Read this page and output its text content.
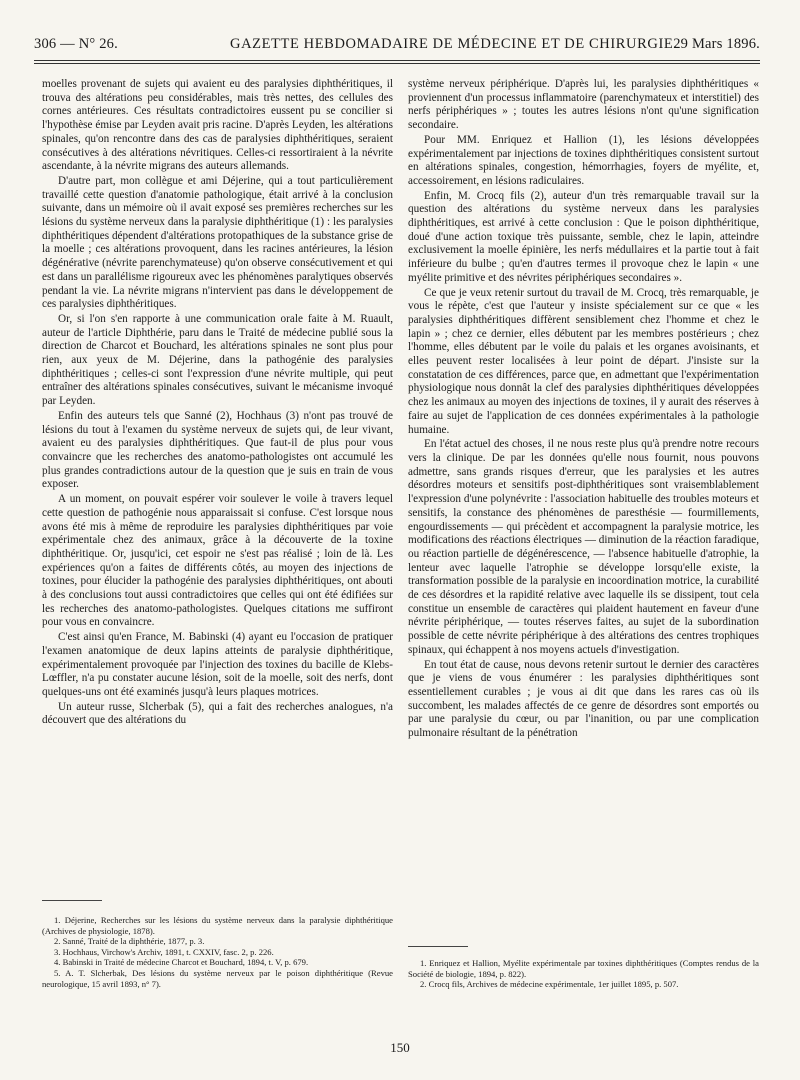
306 — N° 26.	GAZETTE HEBDOMADAIRE DE MÉDECINE ET DE CHIRURGIE.
29 Mars 1896.

moelles provenant de sujets qui avaient eu des paralysies diphthéritiques, il trouva des altérations peu considérables, mais très nettes, des cellules des cornes antérieures. Ces résultats contradictoires eussent pu se concilier si l'hypothèse émise par Leyden avait pris racine. D'après Leyden, les altérations spinales, qu'on rencontre dans des cas de paralysies diphthéritiques, seraient consécutives à des altérations névritiques. Celles-ci ressortiraient à la névrite ascendante, à la névrite migrans des auteurs allemands.

D'autre part, mon collègue et ami Déjerine, qui a tout particulièrement travaillé cette question d'anatomie pathologique, était arrivé à la conclusion suivante, dans un mémoire où il avait exposé ses premières recherches sur les lésions du système nerveux dans la paralysie diphthéritique (1) : les paralysies diphthéritiques dépendent d'altérations protopathiques de la substance grise de la moelle ; ces altérations provoquent, dans les racines antérieures, la lésion dégénérative (névrite parenchymateuse) qu'on observe consécutivement et qui est dans un parallélisme rigoureux avec les phénomènes paralytiques observés pendant la vie. La névrite migrans n'intervient pas dans le développement de ces paralysies diphthéritiques.

Or, si l'on s'en rapporte à une communication orale faite à M. Ruault, auteur de l'article Diphthérie, paru dans le Traité de médecine publié sous la direction de Charcot et Bouchard, les altérations spinales ne sont plus pour rien, aux yeux de M. Déjerine, dans la pathogénie des paralysies diphthéritiques ; celles-ci sont l'expression d'une névrite multiple, qui peut entraîner des altérations spinales consécutives, suivant le mécanisme invoqué par Leyden.

Enfin des auteurs tels que Sanné (2), Hochhaus (3) n'ont pas trouvé de lésions du tout à l'examen du système nerveux de sujets qui, de leur vivant, avaient eu des paralysies diphthéritiques. Que faut-il de plus pour vous convaincre que les recherches des anatomo-pathologistes ont accumulé les plus grandes contradictions autour de la question que je suis en train de vous exposer.

A un moment, on pouvait espérer voir soulever le voile à travers lequel cette question de pathogénie nous apparaissait si confuse. C'est lorsque nous avons été mis à même de reproduire les paralysies diphthéritiques par voie expérimentale chez des animaux, grâce à la découverte de la toxine diphthéritique. Or, jusqu'ici, cet espoir ne s'est pas réalisé ; loin de là. Les expériences qu'on a faites de différents côtés, au moyen des injections de toxines, pour élucider la pathogénie des paralysies diphthéritiques, ont abouti à des conclusions tout aussi contradictoires que celles qui ont été édifiées sur les recherches des anatomo-pathologistes. Quelques citations me suffiront pour vous en convaincre.

C'est ainsi qu'en France, M. Babinski (4) ayant eu l'occasion de pratiquer l'examen anatomique de deux lapins atteints de paralysie diphthéritique, expérimentalement provoquée par l'injection des toxines du bacille de Klebs-Lœffler, n'a pu constater aucune lésion, soit de la moelle, soit des nerfs, dont quelques-uns ont été examinés jusqu'à leurs plaques motrices.

Un auteur russe, Slcherbak (5), qui a fait des recherches analogues, n'a découvert que des altérations du

système nerveux périphérique. D'après lui, les paralysies diphthéritiques « proviennent d'un processus inflammatoire (parenchymateux et interstitiel) des nerfs périphériques » ; toutes les autres lésions n'ont qu'une signification secondaire.

Pour MM. Enriquez et Hallion (1), les lésions développées expérimentalement par injections de toxines diphthéritiques consistent surtout en altérations spinales, congestion, hémorrhagies, foyers de myélite, et, accessoirement, en lésions radiculaires.

Enfin, M. Crocq fils (2), auteur d'un très remarquable travail sur la question des altérations du système nerveux dans les paralysies diphthéritiques, est arrivé à cette conclusion : Que le poison diphthéritique, doué d'une action toxique très puissante, semble, chez le lapin, atteindre exclusivement la moelle épinière, les nerfs médullaires et la partie tout à fait inférieure du bulbe ; qu'en d'autres termes il provoque chez le lapin « une myélite primitive et des névrites périphériques secondaires ».

Ce que je veux retenir surtout du travail de M. Crocq, très remarquable, je vous le répète, c'est que l'auteur y insiste spécialement sur ce que « les paralysies diphthéritiques diffèrent sensiblement chez l'homme et chez le lapin » ; chez ce dernier, elles débutent par les membres postérieurs ; chez l'homme, elles débutent par le voile du palais et les organes avoisinants, et elles peuvent rester localisées à leur point de départ. J'insiste sur la constatation de ces différences, parce que, en admettant que l'expérimentation physiologique nous donnât la clef des paralysies diphthéritiques développées chez les animaux au moyen des injections de toxines, il y aurait des réserves à faire au sujet de l'application de ces données expérimentales à la pathologie humaine.

En l'état actuel des choses, il ne nous reste plus qu'à prendre notre recours vers la clinique. De par les données qu'elle nous fournit, nous pouvons admettre, sans grands risques d'erreur, que les paralysies et les autres désordres moteurs et sensitifs post-diphthéritiques sont vraisemblablement l'expression d'une polynévrite : l'association habituelle des troubles moteurs et sensitifs, la constance des phénomènes de paresthésie — fourmillements, engourdissements — qui précèdent et accompagnent la paralysie motrice, les modifications des réactions électriques — diminution de la réaction faradique, ou réaction partielle de dégénérescence, — l'absence habituelle d'atrophie, la lenteur avec laquelle l'atrophie se développe lorsqu'elle existe, la transformation possible de la paralysie en incoordination motrice, la curabilité de ces désordres et la rapidité relative avec laquelle ils se dissipent, tout cela constitue un ensemble de caractères qui plaident hautement en faveur d'une névrite périphérique, — toutes réserves faites, au sujet de la subordination possible de cette névrite périphérique à des altérations des centres trophiques spinaux, qui échappent à nos moyens actuels d'investigation.

En tout état de cause, nous devons retenir surtout le dernier des caractères que je viens de vous énumérer : les paralysies diphthéritiques sont essentiellement curables ; je vous ai dit que dans les rares cas où ils succombent, les malades affectés de ce genre de désordres sont emportés ou par une paralysie du cœur, ou par l'inanition, ou par une complication pulmonaire résultant de la pénétration

1. Déjerine, Recherches sur les lésions du système nerveux dans la paralysie diphthéritique (Archives de physiologie, 1878).
2. Sanné, Traité de la diphthérie, 1877, p. 3.
3. Hochhaus, Virchow's Archiv, 1891, t. CXXIV, fasc. 2, p. 226.
4. Babinski in Traité de médecine Charcot et Bouchard, 1894, t. V, p. 679.
5. A. T. Slcherbak, Des lésions du système nerveux par le poison diphthéritique (Revue neurologique, 15 avril 1893, n° 7).
1. Enriquez et Hallion, Myélite expérimentale par toxines diphthéritiques (Comptes rendus de la Société de biologie, 1894, p. 822).
2. Crocq fils, Archives de médecine expérimentale, 1er juillet 1895, p. 507.
150
